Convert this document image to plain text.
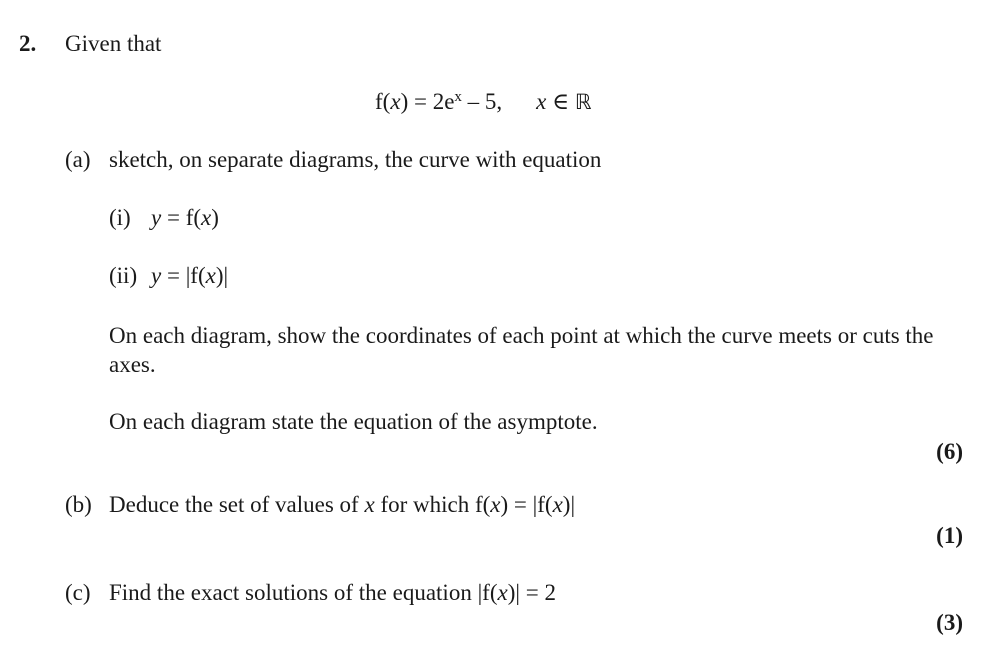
2. Given that
$f(x) = 2e^x - 5$, x ∈ ℝ
(a) sketch, on separate diagrams, the curve with equation
(i) y = f(x)
(ii) y = |f(x)|
On each diagram, show the coordinates of each point at which the curve meets or cuts the axes.
On each diagram state the equation of the asymptote.
(6)
(b) Deduce the set of values of x for which f(x) = |f(x)|
(1)
(c) Find the exact solutions of the equation |f(x)| = 2
(3)
